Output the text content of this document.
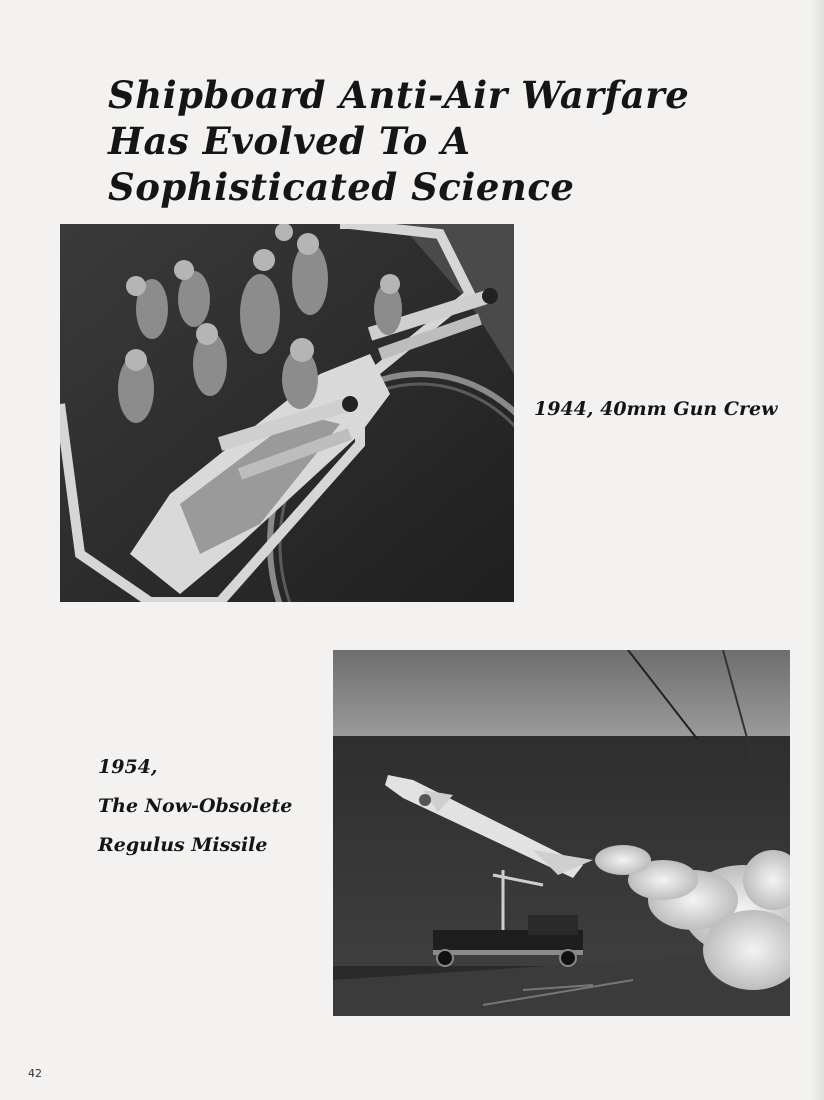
Shipboard Anti-Air Warfare
Has Evolved To A
Sophisticated Science
1944, 40mm Gun Crew
1954,
The Now-Obsolete
Regulus Missile
42
